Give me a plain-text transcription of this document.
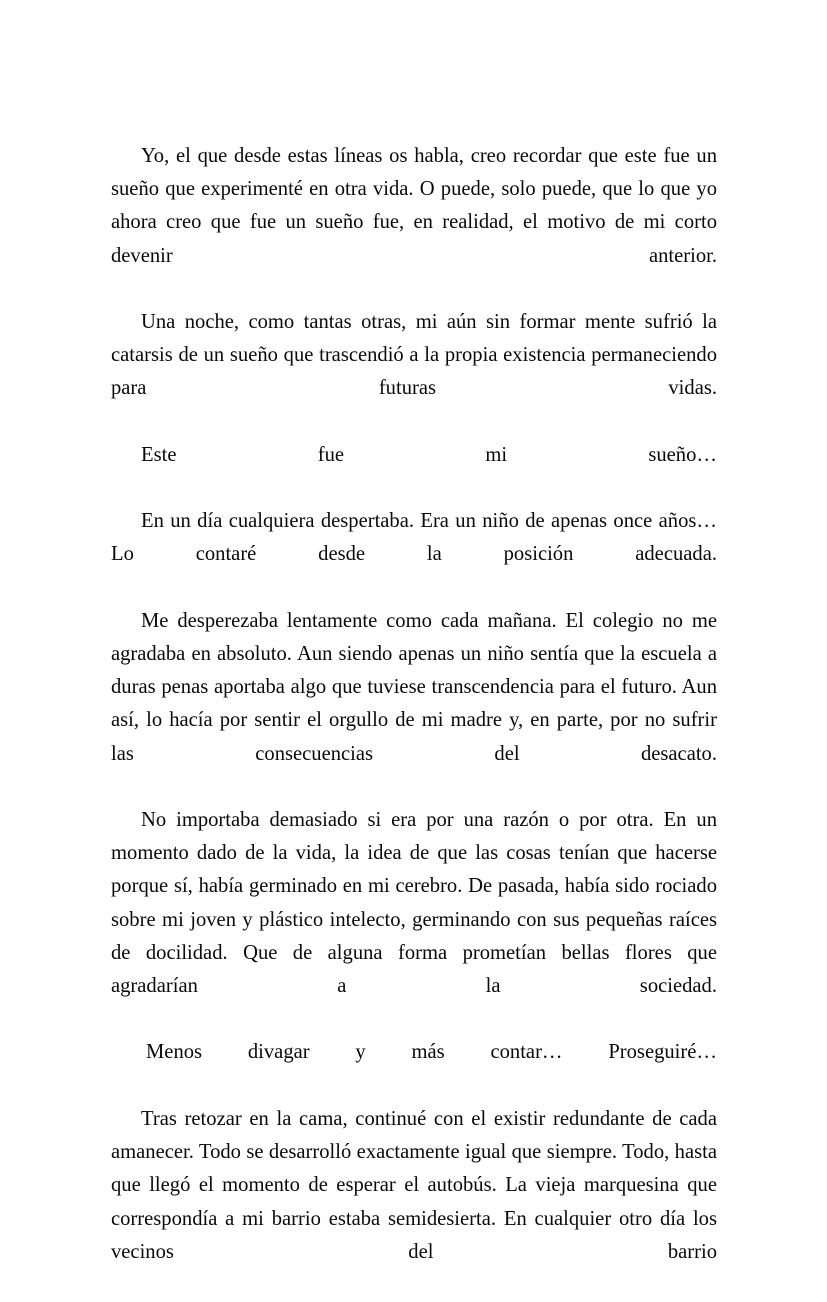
Yo, el que desde estas líneas os habla, creo recordar que este fue un sueño que experimenté en otra vida. O puede, solo puede, que lo que yo ahora creo que fue un sueño fue, en realidad, el motivo de mi corto devenir anterior.

Una noche, como tantas otras, mi aún sin formar mente sufrió la catarsis de un sueño que trascendió a la propia existencia permaneciendo para futuras vidas.

Este fue mi sueño…

En un día cualquiera despertaba. Era un niño de apenas once años… Lo contaré desde la posición adecuada.

Me desperezaba lentamente como cada mañana. El colegio no me agradaba en absoluto. Aun siendo apenas un niño sentía que la escuela a duras penas aportaba algo que tuviese transcendencia para el futuro. Aun así, lo hacía por sentir el orgullo de mi madre y, en parte, por no sufrir las consecuencias del desacato.

No importaba demasiado si era por una razón o por otra. En un momento dado de la vida, la idea de que las cosas tenían que hacerse porque sí, había germinado en mi cerebro. De pasada, había sido rociado sobre mi joven y plástico intelecto, germinando con sus pequeñas raíces de docilidad. Que de alguna forma prometían bellas flores que agradarían a la sociedad.

Menos divagar y más contar… Proseguiré…

Tras retozar en la cama, continué con el existir redundante de cada amanecer. Todo se desarrolló exactamente igual que siempre. Todo, hasta que llegó el momento de esperar el autobús. La vieja marquesina que correspondía a mi barrio estaba semidesierta. En cualquier otro día los vecinos del barrio
